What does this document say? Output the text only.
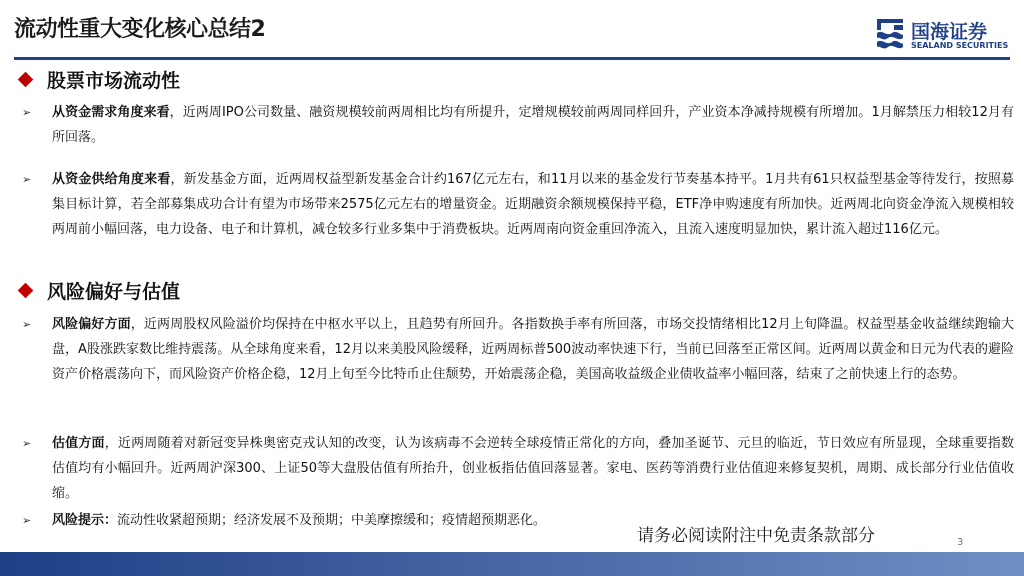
流动性重大变化核心总结2	国海证券
SEALAND SECURITIES
股票市场流动性
➢ 从资金需求角度来看，近两周IPO公司数量、融资规模较前两周相比均有所提升，定增规模较前两周同样回升，产业资本净减持规模有所增加。1月解禁压力相较12月有所回落。
➢ 从资金供给角度来看，新发基金方面，近两周权益型新发基金合计约167亿元左右，和11月以来的基金发行节奏基本持平。1月共有61只权益型基金等待发行，按照募集目标计算，若全部募集成功合计有望为市场带来2575亿元左右的增量资金。近期融资余额规模保持平稳，ETF净申购速度有所加快。近两周北向资金净流入规模相较两周前小幅回落，电力设备、电子和计算机，减仓较多行业多集中于消费板块。近两周南向资金重回净流入，且流入速度明显加快，累计流入超过116亿元。
风险偏好与估值
➢ 风险偏好方面，近两周股权风险溢价均保持在中枢水平以上，且趋势有所回升。各指数换手率有所回落，市场交投情绪相比12月上旬降温。权益型基金收益继续跑输大盘，A股涨跌家数比维持震荡。从全球角度来看，12月以来美股风险缓释，近两周标普500波动率快速下行，当前已回落至正常区间。近两周以黄金和日元为代表的避险资产价格震荡向下，而风险资产价格企稳，12月上旬至今比特币止住颓势，开始震荡企稳，美国高收益级企业债收益率小幅回落，结束了之前快速上行的态势。
➢ 估值方面，近两周随着对新冠变异株奥密克戎认知的改变，认为该病毒不会逆转全球疫情正常化的方向，叠加圣诞节、元旦的临近，节日效应有所显现，全球重要指数估值均有小幅回升。近两周沪深300、上证50等大盘股估值有所抬升，创业板指估值回落显著。家电、医药等消费行业估值迎来修复契机，周期、成长部分行业估值收缩。
➢ 风险提示：流动性收紧超预期；经济发展不及预期；中美摩擦缓和；疫情超预期恶化。
请务必阅读附注中免责条款部分	3
